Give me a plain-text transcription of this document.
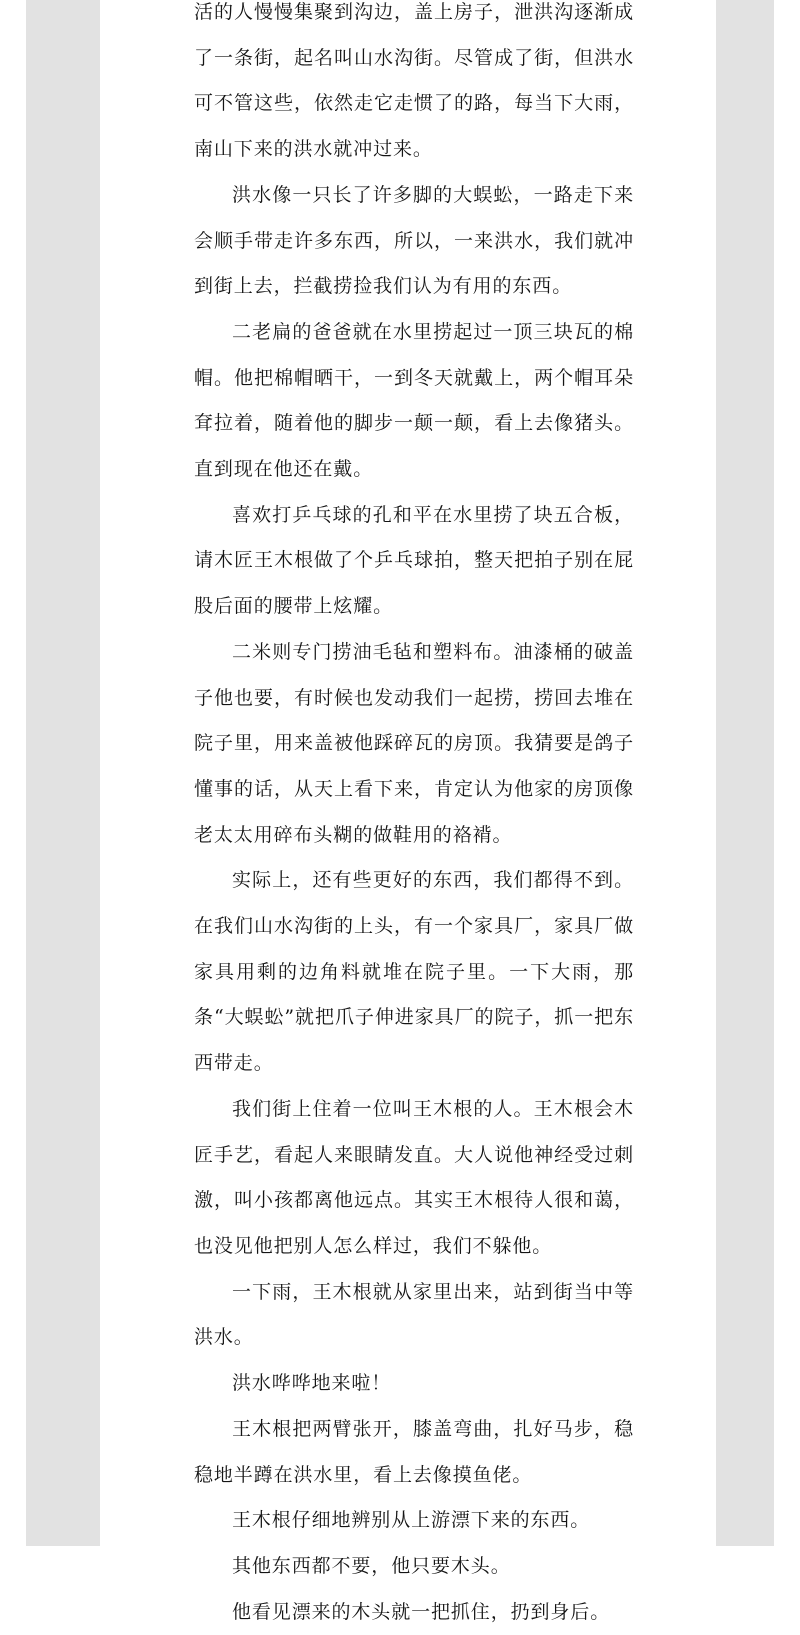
活的人慢慢集聚到沟边，盖上房子，泄洪沟逐渐成了一条街，起名叫山水沟街。尽管成了街，但洪水可不管这些，依然走它走惯了的路，每当下大雨，南山下来的洪水就冲过来。

洪水像一只长了许多脚的大蜈蚣，一路走下来会顺手带走许多东西，所以，一来洪水，我们就冲到街上去，拦截捞捡我们认为有用的东西。

二老扁的爸爸就在水里捞起过一顶三块瓦的棉帽。他把棉帽晒干，一到冬天就戴上，两个帽耳朵耷拉着，随着他的脚步一颠一颠，看上去像猪头。直到现在他还在戴。

喜欢打乒乓球的孔和平在水里捞了块五合板，请木匠王木根做了个乒乓球拍，整天把拍子别在屁股后面的腰带上炫耀。

二米则专门捞油毛毡和塑料布。油漆桶的破盖子他也要，有时候也发动我们一起捞，捞回去堆在院子里，用来盖被他踩碎瓦的房顶。我猜要是鸽子懂事的话，从天上看下来，肯定认为他家的房顶像老太太用碎布头糊的做鞋用的袼褙。

实际上，还有些更好的东西，我们都得不到。在我们山水沟街的上头，有一个家具厂，家具厂做家具用剩的边角料就堆在院子里。一下大雨，那条“大蜈蚣”就把爪子伸进家具厂的院子，抓一把东西带走。

我们街上住着一位叫王木根的人。王木根会木匠手艺，看起人来眼睛发直。大人说他神经受过刺激，叫小孩都离他远点。其实王木根待人很和蔼，也没见他把别人怎么样过，我们不躲他。

一下雨，王木根就从家里出来，站到街当中等洪水。

洪水哗哗地来啦！

王木根把两臂张开，膝盖弯曲，扎好马步，稳稳地半蹲在洪水里，看上去像摸鱼佬。

王木根仔细地辨别从上游漂下来的东西。

其他东西都不要，他只要木头。

他看见漂来的木头就一把抓住，扔到身后。
